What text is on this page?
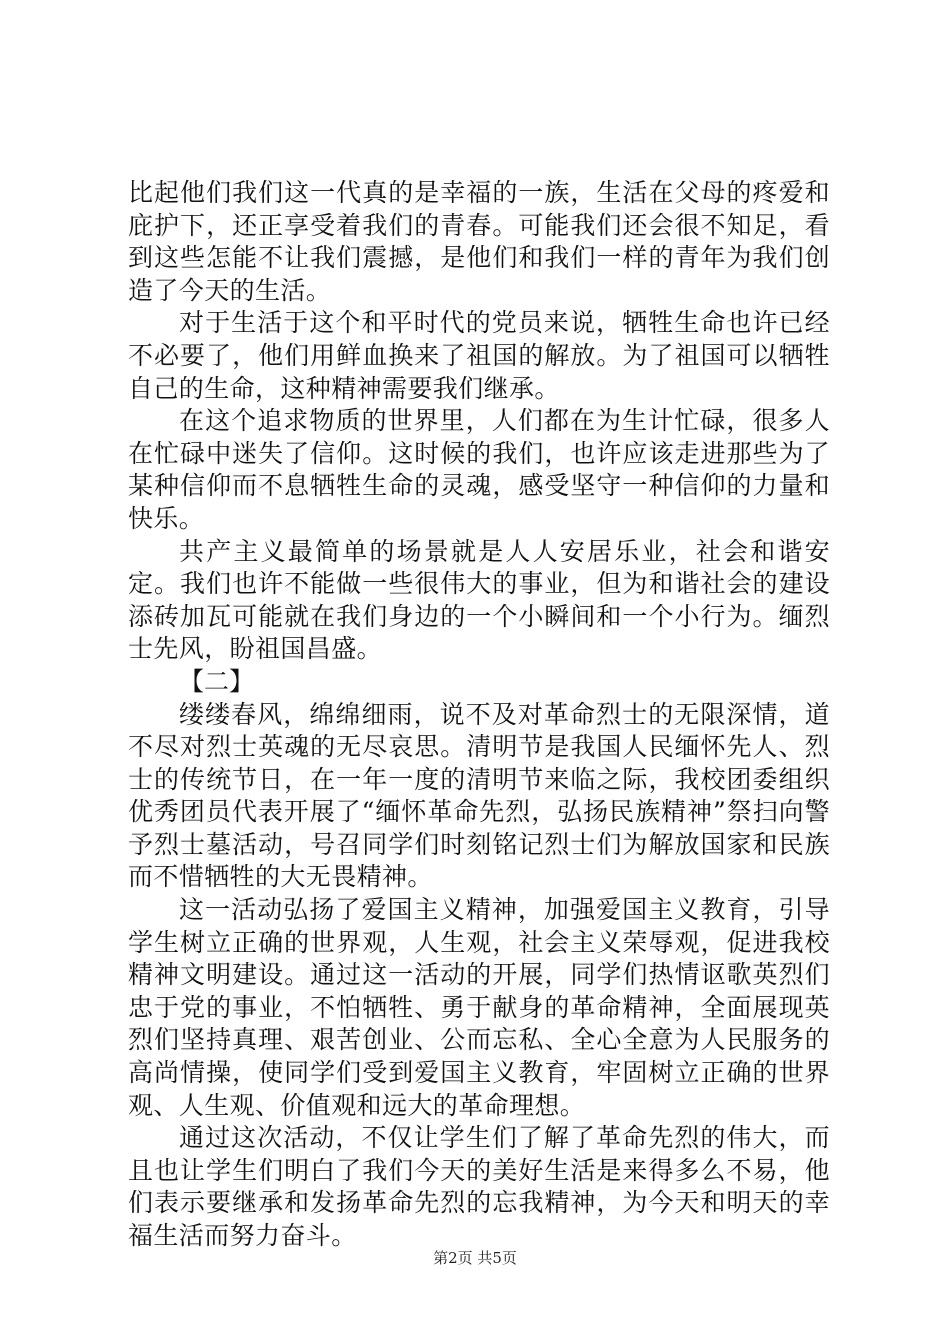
比起他们我们这一代真的是幸福的一族，生活在父母的疼爱和庇护下，还正享受着我们的青春。可能我们还会很不知足，看到这些怎能不让我们震撼，是他们和我们一样的青年为我们创造了今天的生活。

对于生活于这个和平时代的党员来说，牺牲生命也许已经不必要了，他们用鲜血换来了祖国的解放。为了祖国可以牺牲自己的生命，这种精神需要我们继承。

在这个追求物质的世界里，人们都在为生计忙碌，很多人在忙碌中迷失了信仰。这时候的我们，也许应该走进那些为了某种信仰而不息牺牲生命的灵魂，感受坚守一种信仰的力量和快乐。

共产主义最简单的场景就是人人安居乐业，社会和谐安定。我们也许不能做一些很伟大的事业，但为和谐社会的建设添砖加瓦可能就在我们身边的一个小瞬间和一个小行为。缅烈士先风，盼祖国昌盛。

【二】

缕缕春风，绵绵细雨，说不及对革命烈士的无限深情，道不尽对烈士英魂的无尽哀思。清明节是我国人民缅怀先人、烈士的传统节日，在一年一度的清明节来临之际，我校团委组织优秀团员代表开展了“缅怀革命先烈，弘扬民族精神”祭扫向警予烈士墓活动，号召同学们时刻铭记烈士们为解放国家和民族而不惜牺牲的大无畏精神。

这一活动弘扬了爱国主义精神，加强爱国主义教育，引导学生树立正确的世界观，人生观，社会主义荣辱观，促进我校精神文明建设。通过这一活动的开展，同学们热情讴歌英烈们忠于党的事业，不怕牺牲、勇于献身的革命精神，全面展现英烈们坚持真理、艰苦创业、公而忘私、全心全意为人民服务的高尚情操，使同学们受到爱国主义教育，牢固树立正确的世界观、人生观、价值观和远大的革命理想。

通过这次活动，不仅让学生们了解了革命先烈的伟大，而且也让学生们明白了我们今天的美好生活是来得多么不易，他们表示要继承和发扬革命先烈的忘我精神，为今天和明天的幸福生活而努力奋斗。

第2页 共5页
